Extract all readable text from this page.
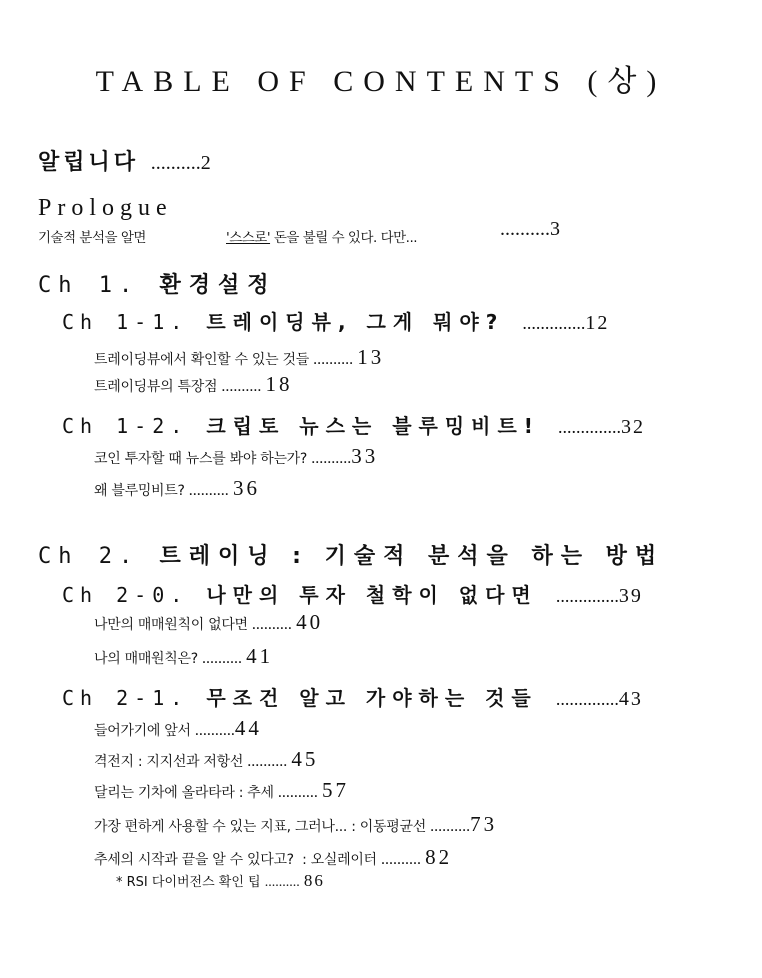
TABLE OF CONTENTS (상)
알립니다 ..........2
Prologue
기술적 분석을 알면	'스스로' 돈을 불릴 수 있다. 다만...	..........3
Ch 1. 환경설정
Ch 1-1. 트레이딩뷰, 그게 뭐야? ..............12
트레이딩뷰에서 확인할 수 있는 것들 .......... 13
트레이딩뷰의 특장점 .......... 18
Ch 1-2. 크립토 뉴스는 블루밍비트! ..............32
코인 투자할 때 뉴스를 봐야 하는가? ..........33
왜 블루밍비트? .......... 36
Ch 2. 트레이닝 : 기술적 분석을 하는 방법
Ch 2-0. 나만의 투자 철학이 없다면 ..............39
나만의 매매원칙이 없다면 .......... 40
나의 매매원칙은? .......... 41
Ch 2-1. 무조건 알고 가야하는 것들 ..............43
들어가기에 앞서 ..........44
격전지 : 지지선과 저항선 .......... 45
달리는 기차에 올라타라 : 추세 .......... 57
가장 편하게 사용할 수 있는 지표, 그러나... : 이동평균선 ..........73
추세의 시작과 끝을 알 수 있다고?  : 오실레이터 .......... 82
* RSI 다이버전스 확인 팁 .......... 86
